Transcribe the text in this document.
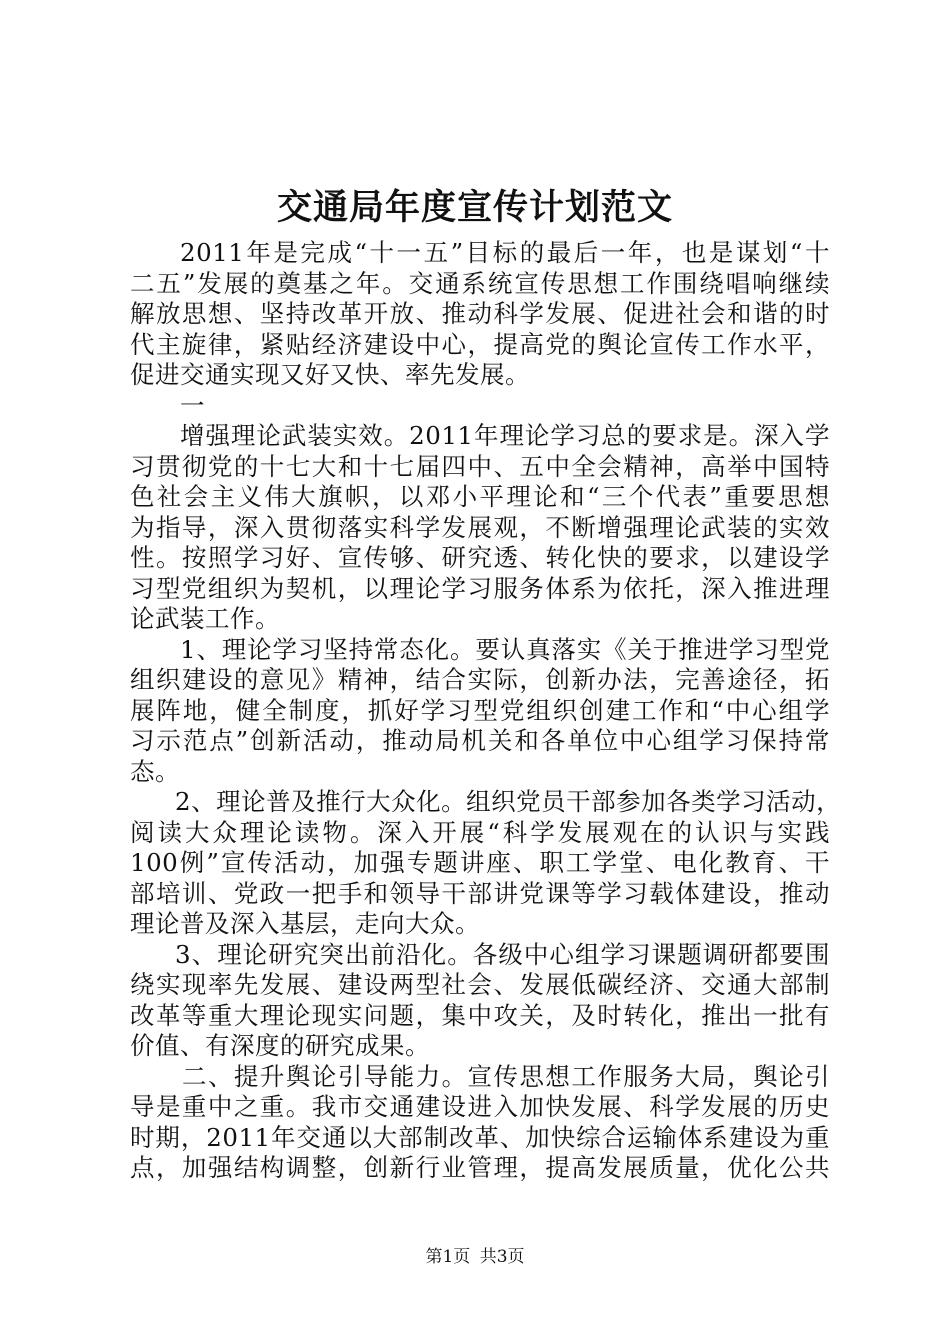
交通局年度宣传计划范文
2011年是完成“十一五”目标的最后一年，也是谋划“十
二五”发展的奠基之年。交通系统宣传思想工作围绕唱响继续
解放思想、坚持改革开放、推动科学发展、促进社会和谐的时
代主旋律，紧贴经济建设中心，提高党的舆论宣传工作水平，
促进交通实现又好又快、率先发展。
一
增强理论武装实效。2011年理论学习总的要求是。深入学
习贯彻党的十七大和十七届四中、五中全会精神，高举中国特
色社会主义伟大旗帜，以邓小平理论和“三个代表”重要思想
为指导，深入贯彻落实科学发展观，不断增强理论武装的实效
性。按照学习好、宣传够、研究透、转化快的要求，以建设学
习型党组织为契机，以理论学习服务体系为依托，深入推进理
论武装工作。
1、理论学习坚持常态化。要认真落实《关于推进学习型党
组织建设的意见》精神，结合实际，创新办法，完善途径，拓
展阵地，健全制度，抓好学习型党组织创建工作和“中心组学
习示范点”创新活动，推动局机关和各单位中心组学习保持常
态。
2、理论普及推行大众化。组织党员干部参加各类学习活动，
阅读大众理论读物。深入开展“科学发展观在的认识与实践
100例”宣传活动，加强专题讲座、职工学堂、电化教育、干
部培训、党政一把手和领导干部讲党课等学习载体建设，推动
理论普及深入基层，走向大众。
3、理论研究突出前沿化。各级中心组学习课题调研都要围
绕实现率先发展、建设两型社会、发展低碳经济、交通大部制
改革等重大理论现实问题，集中攻关，及时转化，推出一批有
价值、有深度的研究成果。
二、提升舆论引导能力。宣传思想工作服务大局，舆论引
导是重中之重。我市交通建设进入加快发展、科学发展的历史
时期，2011年交通以大部制改革、加快综合运输体系建设为重
点，加强结构调整，创新行业管理，提高发展质量，优化公共
第1页 共3页
